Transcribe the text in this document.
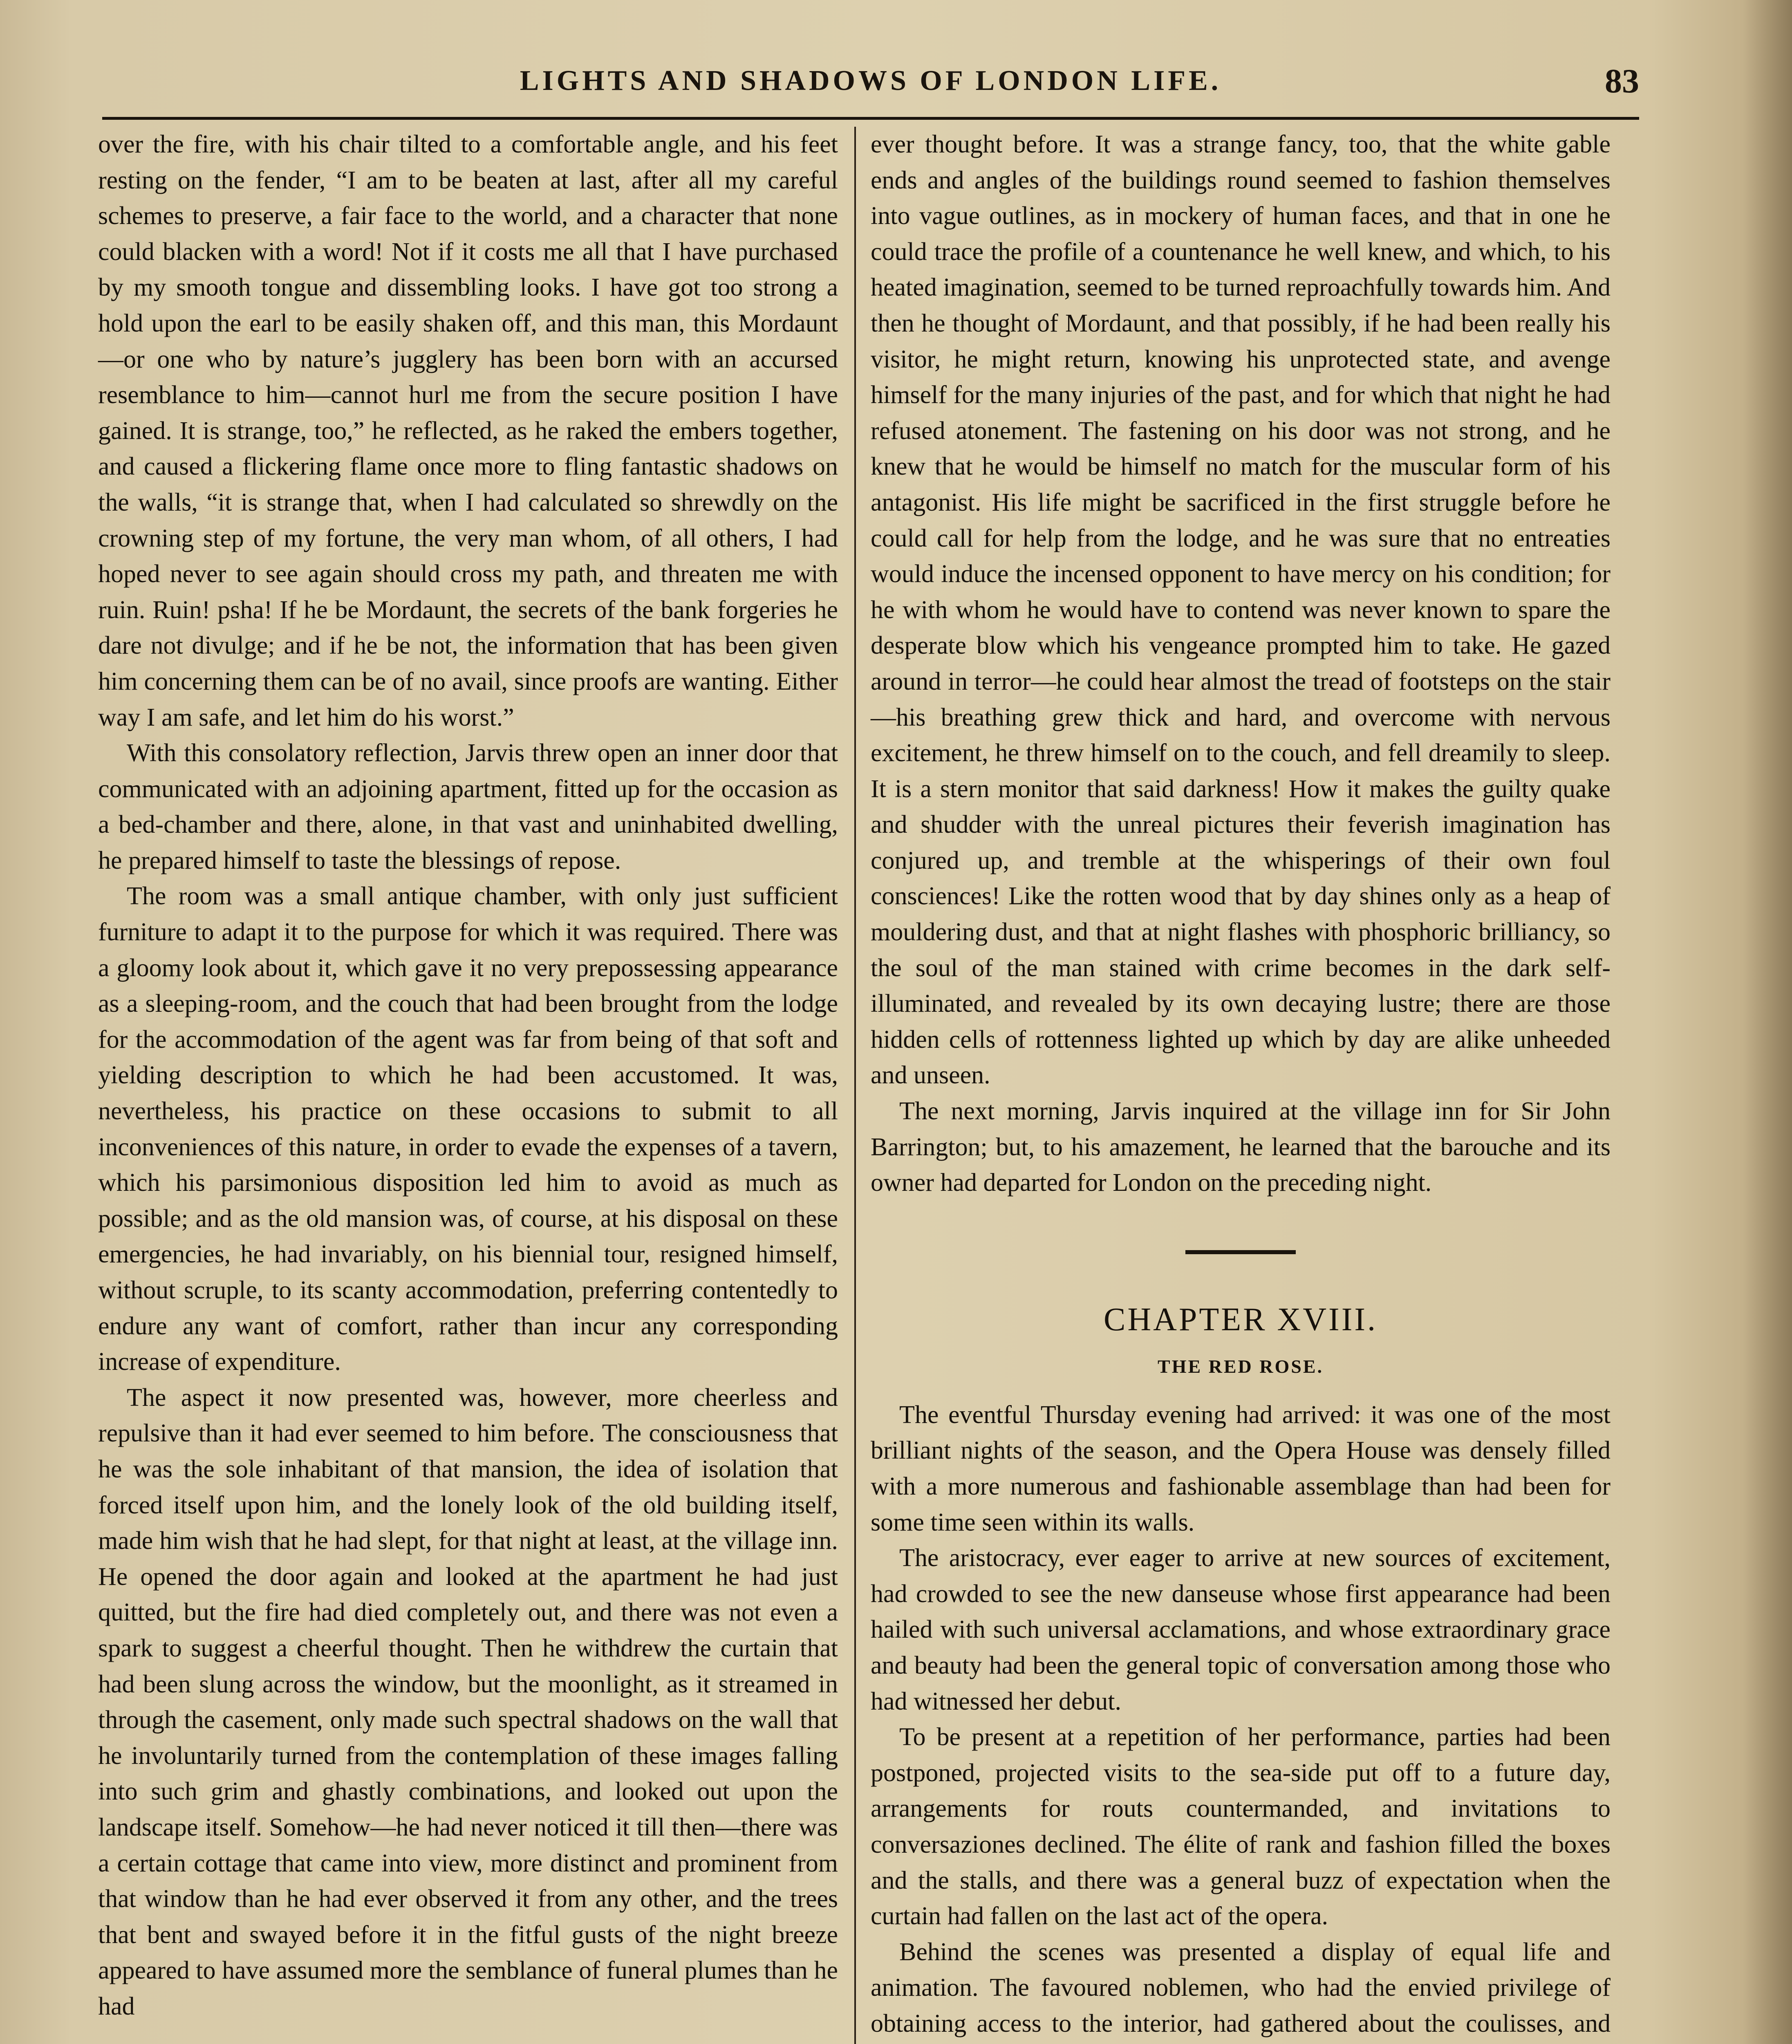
LIGHTS AND SHADOWS OF LONDON LIFE.	83

over the fire, with his chair tilted to a comfortable angle, and his feet resting on the fender, “I am to be beaten at last, after all my careful schemes to preserve, a fair face to the world, and a character that none could blacken with a word! Not if it costs me all that I have purchased by my smooth tongue and dissembling looks. I have got too strong a hold upon the earl to be easily shaken off, and this man, this Mordaunt—or one who by nature’s jugglery has been born with an accursed resemblance to him—cannot hurl me from the secure position I have gained. It is strange, too,” he reflected, as he raked the embers together, and caused a flickering flame once more to fling fantastic shadows on the walls, “it is strange that, when I had calculated so shrewdly on the crowning step of my fortune, the very man whom, of all others, I had hoped never to see again should cross my path, and threaten me with ruin. Ruin! psha! If he be Mordaunt, the secrets of the bank forgeries he dare not divulge; and if he be not, the information that has been given him concerning them can be of no avail, since proofs are wanting. Either way I am safe, and let him do his worst.”

With this consolatory reflection, Jarvis threw open an inner door that communicated with an adjoining apartment, fitted up for the occasion as a bed-chamber and there, alone, in that vast and uninhabited dwelling, he prepared himself to taste the blessings of repose.

The room was a small antique chamber, with only just sufficient furniture to adapt it to the purpose for which it was required. There was a gloomy look about it, which gave it no very prepossessing appearance as a sleeping-room, and the couch that had been brought from the lodge for the accommodation of the agent was far from being of that soft and yielding description to which he had been accustomed. It was, nevertheless, his practice on these occasions to submit to all inconveniences of this nature, in order to evade the expenses of a tavern, which his parsimonious disposition led him to avoid as much as possible; and as the old mansion was, of course, at his disposal on these emergencies, he had invariably, on his biennial tour, resigned himself, without scruple, to its scanty accommodation, preferring contentedly to endure any want of comfort, rather than incur any corresponding increase of expenditure.

The aspect it now presented was, however, more cheerless and repulsive than it had ever seemed to him before. The consciousness that he was the sole inhabitant of that mansion, the idea of isolation that forced itself upon him, and the lonely look of the old building itself, made him wish that he had slept, for that night at least, at the village inn. He opened the door again and looked at the apartment he had just quitted, but the fire had died completely out, and there was not even a spark to suggest a cheerful thought. Then he withdrew the curtain that had been slung across the window, but the moonlight, as it streamed in through the casement, only made such spectral shadows on the wall that he involuntarily turned from the contemplation of these images falling into such grim and ghastly combinations, and looked out upon the landscape itself. Somehow—he had never noticed it till then—there was a certain cottage that came into view, more distinct and prominent from that window than he had ever observed it from any other, and the trees that bent and swayed before it in the fitful gusts of the night breeze appeared to have assumed more the semblance of funeral plumes than he had

ever thought before. It was a strange fancy, too, that the white gable ends and angles of the buildings round seemed to fashion themselves into vague outlines, as in mockery of human faces, and that in one he could trace the profile of a countenance he well knew, and which, to his heated imagination, seemed to be turned reproachfully towards him. And then he thought of Mordaunt, and that possibly, if he had been really his visitor, he might return, knowing his unprotected state, and avenge himself for the many injuries of the past, and for which that night he had refused atonement. The fastening on his door was not strong, and he knew that he would be himself no match for the muscular form of his antagonist. His life might be sacrificed in the first struggle before he could call for help from the lodge, and he was sure that no entreaties would induce the incensed opponent to have mercy on his condition; for he with whom he would have to contend was never known to spare the desperate blow which his vengeance prompted him to take. He gazed around in terror—he could hear almost the tread of footsteps on the stair—his breathing grew thick and hard, and overcome with nervous excitement, he threw himself on to the couch, and fell dreamily to sleep. It is a stern monitor that said darkness! How it makes the guilty quake and shudder with the unreal pictures their feverish imagination has conjured up, and tremble at the whisperings of their own foul consciences! Like the rotten wood that by day shines only as a heap of mouldering dust, and that at night flashes with phosphoric brilliancy, so the soul of the man stained with crime becomes in the dark self-illuminated, and revealed by its own decaying lustre; there are those hidden cells of rottenness lighted up which by day are alike unheeded and unseen.

The next morning, Jarvis inquired at the village inn for Sir John Barrington; but, to his amazement, he learned that the barouche and its owner had departed for London on the preceding night.

CHAPTER XVIII.
THE RED ROSE.

The eventful Thursday evening had arrived: it was one of the most brilliant nights of the season, and the Opera House was densely filled with a more numerous and fashionable assemblage than had been for some time seen within its walls.

The aristocracy, ever eager to arrive at new sources of excitement, had crowded to see the new danseuse whose first appearance had been hailed with such universal acclamations, and whose extraordinary grace and beauty had been the general topic of conversation among those who had witnessed her debut.

To be present at a repetition of her performance, parties had been postponed, projected visits to the sea-side put off to a future day, arrangements for routs countermanded, and invitations to conversaziones declined. The élite of rank and fashion filled the boxes and the stalls, and there was a general buzz of expectation when the curtain had fallen on the last act of the opera.

Behind the scenes was presented a display of equal life and animation. The favoured noblemen, who had the envied privilege of obtaining access to the interior, had gathered about the coulisses, and
